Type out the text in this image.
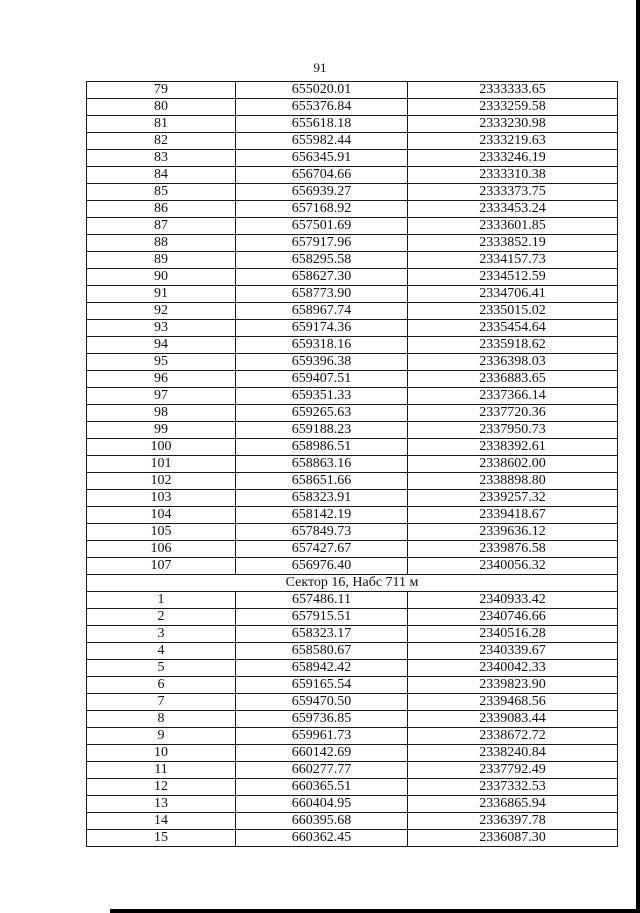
91
79	655020.01	2333333.65
80	655376.84	2333259.58
81	655618.18	2333230.98
82	655982.44	2333219.63
83	656345.91	2333246.19
84	656704.66	2333310.38
85	656939.27	2333373.75
86	657168.92	2333453.24
87	657501.69	2333601.85
88	657917.96	2333852.19
89	658295.58	2334157.73
90	658627.30	2334512.59
91	658773.90	2334706.41
92	658967.74	2335015.02
93	659174.36	2335454.64
94	659318.16	2335918.62
95	659396.38	2336398.03
96	659407.51	2336883.65
97	659351.33	2337366.14
98	659265.63	2337720.36
99	659188.23	2337950.73
100	658986.51	2338392.61
101	658863.16	2338602.00
102	658651.66	2338898.80
103	658323.91	2339257.32
104	658142.19	2339418.67
105	657849.73	2339636.12
106	657427.67	2339876.58
107	656976.40	2340056.32
Сектор 16, Набс 711 м		
1	657486.11	2340933.42
2	657915.51	2340746.66
3	658323.17	2340516.28
4	658580.67	2340339.67
5	658942.42	2340042.33
6	659165.54	2339823.90
7	659470.50	2339468.56
8	659736.85	2339083.44
9	659961.73	2338672.72
10	660142.69	2338240.84
11	660277.77	2337792.49
12	660365.51	2337332.53
13	660404.95	2336865.94
14	660395.68	2336397.78
15	660362.45	2336087.30
